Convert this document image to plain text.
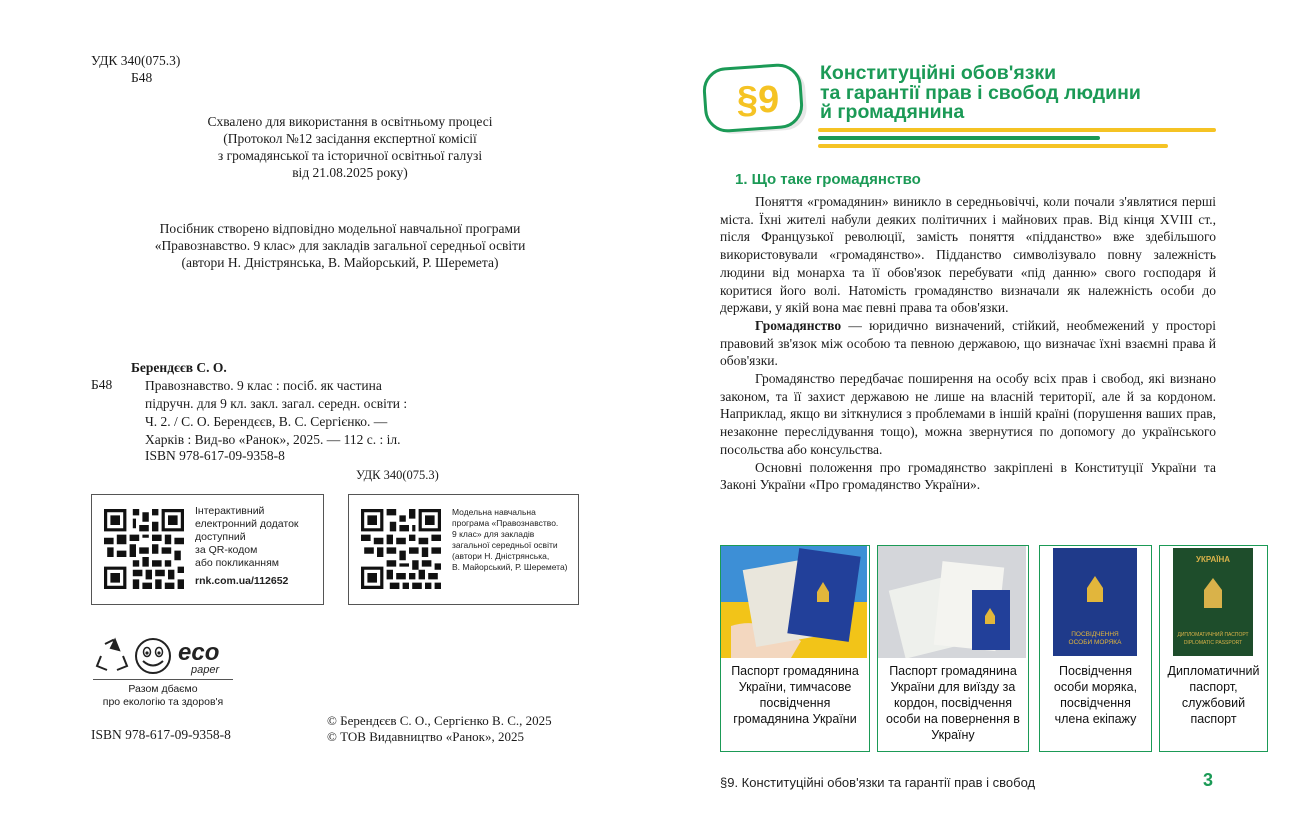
УДК 340(075.3)
Б48
Схвалено для використання в освітньому процесі
(Протокол №12 засідання експертної комісії
з громадянської та історичної освітньої галузі
від 21.08.2025 року)
Посібник створено відповідно модельної навчальної програми
«Правознавство. 9 клас» для закладів загальної середньої освіти
(автори Н. Дністрянська, В. Майорський, Р. Шеремета)
Берендєєв С. О.
Б48 Правознавство. 9 клас : посіб. як частина
підручн. для 9 кл. закл. загал. середн. освіти :
Ч. 2. / С. О. Берендєєв, В. С. Сергієнко. —
Харків : Вид-во «Ранок», 2025. — 112 с. : іл.
ISBN 978-617-09-9358-8
УДК 340(075.3)
Інтерактивний
електронний додаток
доступний
за QR-кодом
або покликанням
rnk.com.ua/112652
Модельна навчальна
програма «Правознавство.
9 клас» для закладів
загальної середньої освіти
(автори Н. Дністрянська,
В. Майорський, Р. Шеремета)
eco
paper
Разом дбаємо
про екологію та здоров'я
ISBN 978-617-09-9358-8
© Берендєєв С. О., Сергієнко В. С., 2025
© ТОВ Видавництво «Ранок», 2025
§9
Конституційні обов'язки
та гарантії прав і свобод людини
й громадянина
1. Що таке громадянство

Поняття «громадянин» виникло в середньовіччі, коли почали з'являтися перші міста. Їхні жителі набули деяких політичних і майнових прав. Від кінця XVIII ст., після Французької революції, замість поняття «підданство» вже здебільшого використовували «громадянство». Підданство символізувало повну залежність людини від монарха та її обов'язок перебувати «під данню» свого господаря й коритися його волі. Натомість громадянство визначали як належність особи до держави, у якій вона має певні права та обов'язки.

Громадянство — юридично визначений, стійкий, необмежений у просторі правовий зв'язок між особою та певною державою, що визначає їхні взаємні права й обов'язки.

Громадянство передбачає поширення на особу всіх прав і свобод, які визнано законом, та її захист державою не лише на власній території, але й за кордоном. Наприклад, якщо ви зіткнулися з проблемами в іншій країні (порушення ваших прав, незаконне переслідування тощо), можна звернутися по допомогу до українського посольства або консульства.

Основні положення про громадянство закріплені в Конституції України та Законі України «Про громадянство України».

Паспорт громадянина України, тимчасове посвідчення громадянина України
Паспорт громадянина України для виїзду за кордон, посвідчення особи на повернення в Україну
ПОСВІДЧЕННЯ
ОСОБИ МОРЯКА
Посвідчення особи моряка, посвідчення члена екіпажу
УКРАЇНА
ДИПЛОМАТИЧНИЙ ПАСПОРТ
DIPLOMATIC PASSPORT
Дипломатичний паспорт, службовий паспорт
§9. Конституційні обов'язки та гарантії прав і свобод	3
